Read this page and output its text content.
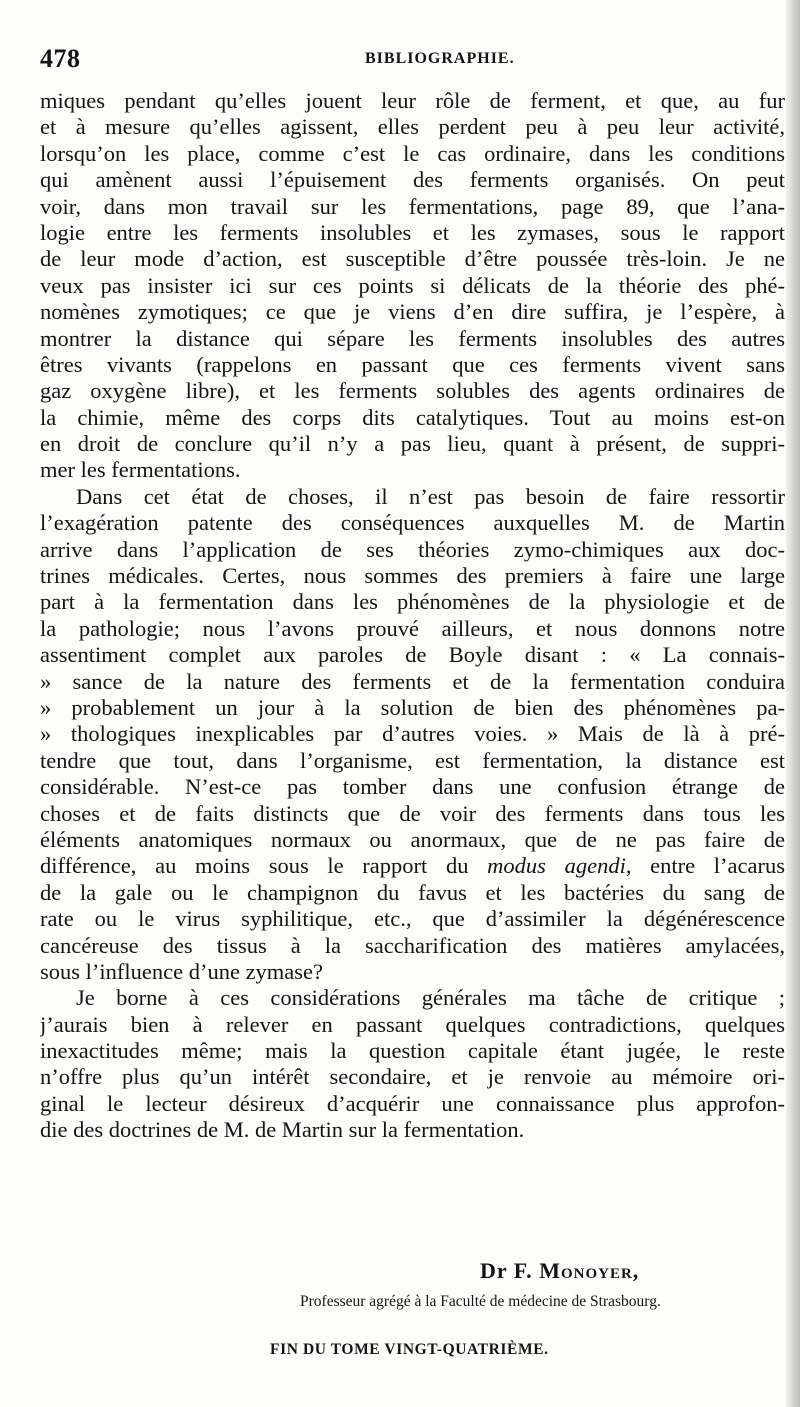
478	BIBLIOGRAPHIE.
miques pendant qu’elles jouent leur rôle de ferment, et que, au fur
et à mesure qu’elles agissent, elles perdent peu à peu leur activité,
lorsqu’on les place, comme c’est le cas ordinaire, dans les conditions
qui amènent aussi l’épuisement des ferments organisés. On peut
voir, dans mon travail sur les fermentations, page 89, que l’ana-
logie entre les ferments insolubles et les zymases, sous le rapport
de leur mode d’action, est susceptible d’être poussée très-loin. Je ne
veux pas insister ici sur ces points si délicats de la théorie des phé-
nomènes zymotiques; ce que je viens d’en dire suffira, je l’espère, à
montrer la distance qui sépare les ferments insolubles des autres
êtres vivants (rappelons en passant que ces ferments vivent sans
gaz oxygène libre), et les ferments solubles des agents ordinaires de
la chimie, même des corps dits catalytiques. Tout au moins est-on
en droit de conclure qu’il n’y a pas lieu, quant à présent, de suppri-
mer les fermentations.
Dans cet état de choses, il n’est pas besoin de faire ressortir
l’exagération patente des conséquences auxquelles M. de Martin
arrive dans l’application de ses théories zymo-chimiques aux doc-
trines médicales. Certes, nous sommes des premiers à faire une large
part à la fermentation dans les phénomènes de la physiologie et de
la pathologie; nous l’avons prouvé ailleurs, et nous donnons notre
assentiment complet aux paroles de Boyle disant : « La connais-
» sance de la nature des ferments et de la fermentation conduira
» probablement un jour à la solution de bien des phénomènes pa-
» thologiques inexplicables par d’autres voies. » Mais de là à pré-
tendre que tout, dans l’organisme, est fermentation, la distance est
considérable. N’est-ce pas tomber dans une confusion étrange de
choses et de faits distincts que de voir des ferments dans tous les
éléments anatomiques normaux ou anormaux, que de ne pas faire de
différence, au moins sous le rapport du modus agendi, entre l’acarus
de la gale ou le champignon du favus et les bactéries du sang de
rate ou le virus syphilitique, etc., que d’assimiler la dégénérescence
cancéreuse des tissus à la saccharification des matières amylacées,
sous l’influence d’une zymase?
Je borne à ces considérations générales ma tâche de critique ;
j’aurais bien à relever en passant quelques contradictions, quelques
inexactitudes même; mais la question capitale étant jugée, le reste
n’offre plus qu’un intérêt secondaire, et je renvoie au mémoire ori-
ginal le lecteur désireux d’acquérir une connaissance plus approfon-
die des doctrines de M. de Martin sur la fermentation.
Dr F. Monoyer,
Professeur agrégé à la Faculté de médecine de Strasbourg.
FIN DU TOME VINGT-QUATRIÈME.
